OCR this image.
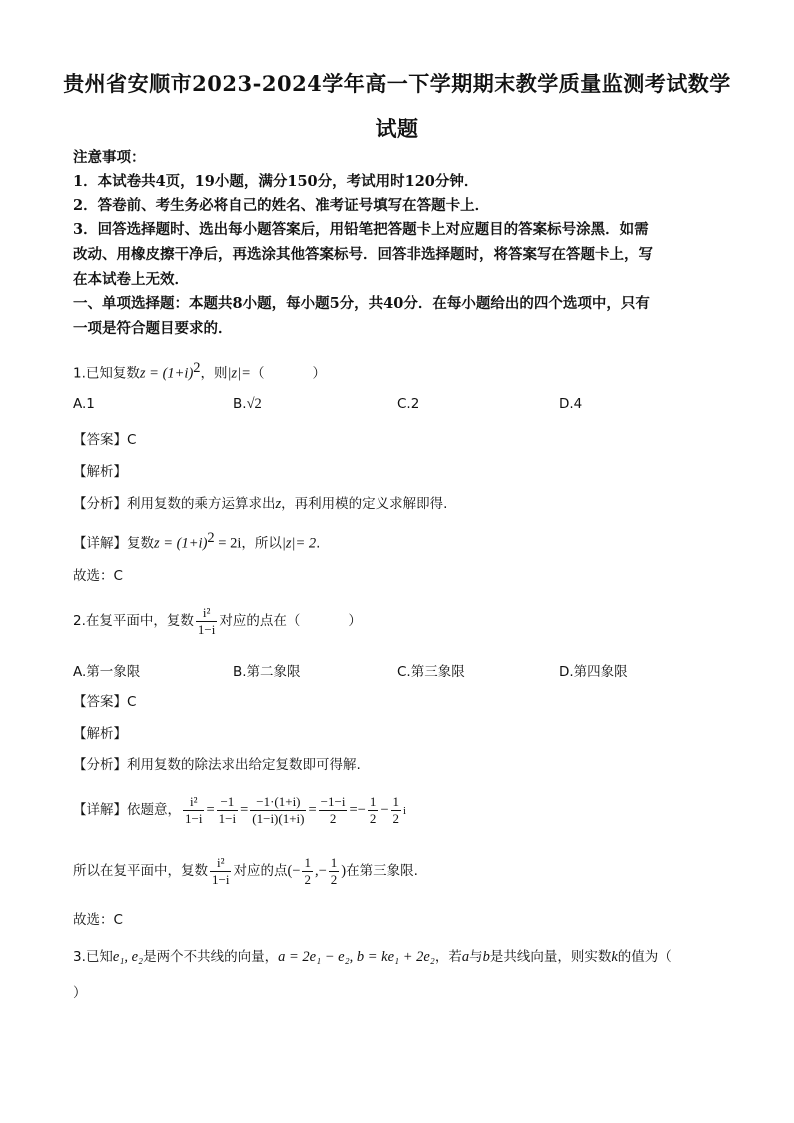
贵州省安顺市2023-2024学年高一下学期期末教学质量监测考试数学
试题
注意事项：
1．本试卷共4页，19小题，满分150分，考试用时120分钟．
2．答卷前、考生务必将自己的姓名、准考证号填写在答题卡上．
3．回答选择题时、选出每小题答案后，用铅笔把答题卡上对应题目的答案标号涂黑．如需
改动、用橡皮擦干净后，再选涂其他答案标号．回答非选择题时，将答案写在答题卡上，写
在本试卷上无效．
一、单项选择题：本题共8小题，每小题5分，共40分．在每小题给出的四个选项中，只有
一项是符合题目要求的．
1.已知复数$z = (1+i)^2$，则|z|=（	）
A.1	B.√2	C.2	D.4
【答案】C
【解析】
【分析】利用复数的乘方运算求出z，再利用模的定义求解即得.
【详解】复数$z = (1+i)^2 = 2i$，所以|z|= 2.
故选：C
2.在复平面中，复数 $\frac{\text{i²}}{1-i}$ 对应的点在（	）
A.第一象限	B.第二象限	C.第三象限	D.第四象限
【答案】C
【解析】
【分析】利用复数的除法求出给定复数即可得解.
【详解】依题意， $\frac{\text{i²}}{1-i} = \frac{-1}{1-i} = \frac{-1\cdot(1+i)}{(1-i)(1+i)} = \frac{-1-i}{2} =- \frac{1}{2} - \frac{1}{2}$ i
所以在复平面中，复数 $\frac{\text{i²}}{1-i}$ 对应的点(− $\frac{1}{2}$ ,− $\frac{1}{2}$ )在第三象限.
故选：C
3.已知e₁, e₂是两个不共线的向量，a = 2e₁ − e₂, b = ke₁ + 2e₂，若a与b是共线向量，则实数k的值为（
）
